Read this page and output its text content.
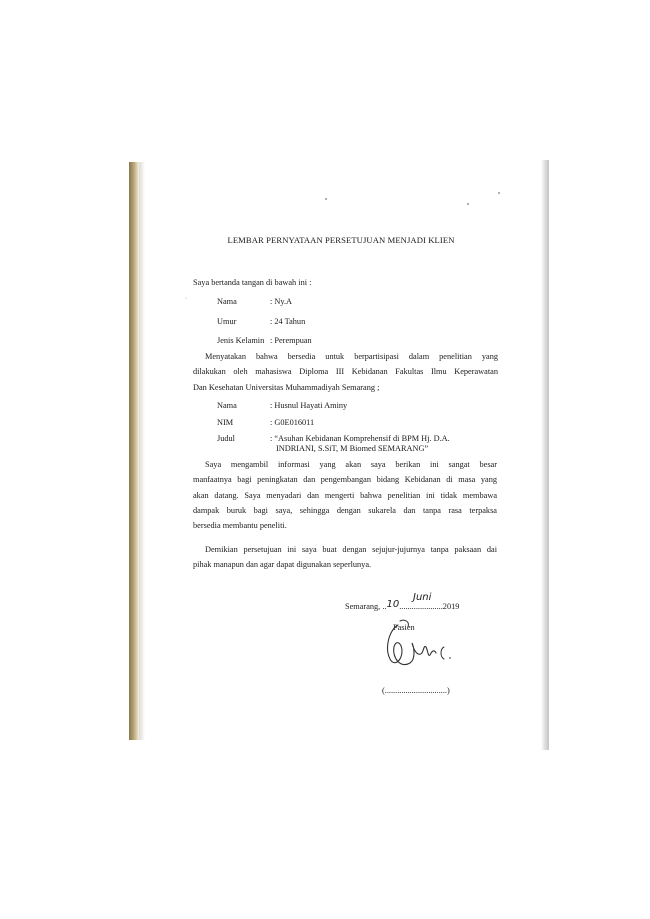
LEMBAR PERNYATAAN PERSETUJUAN MENJADI KLIEN
Saya bertanda tangan di bawah ini :
·	Nama	: Ny.A
Umur	: 24 Tahun
Jenis Kelamin : Perempuan
Menyatakan bahwa bersedia untuk berpartisipasi dalam penelitian yang
dilakukan oleh mahasiswa Diploma III Kebidanan Fakultas Ilmu Keperawatan
Dan Kesehatan Universitas Muhammadiyah Semarang ;
Nama	: Husnul Hayati Aminy
NIM	: G0E016011
Judul	: “Asuhan Kebidanan Komprehensif di BPM Hj. D.A.
INDRIANI, S.SiT, M Biomed SEMARANG”
Saya mengambil informasi yang akan saya berikan ini sangat besar
manfaatnya bagi peningkatan dan pengembangan bidang Kebidanan di masa yang
akan datang. Saya menyadari dan mengerti bahwa penelitian ini tidak membawa
dampak buruk bagi saya, sehingga dengan sukarela dan tanpa rasa terpaksa
bersedia membantu peneliti.
Demikian persetujuan ini saya buat dengan sejujur-jujurnya tanpa paksaan dai
pihak manapun dan agar dapat digunakan seperlunya.
Semarang, ..10.....................2019
Juni
Pasien
(..............................)
